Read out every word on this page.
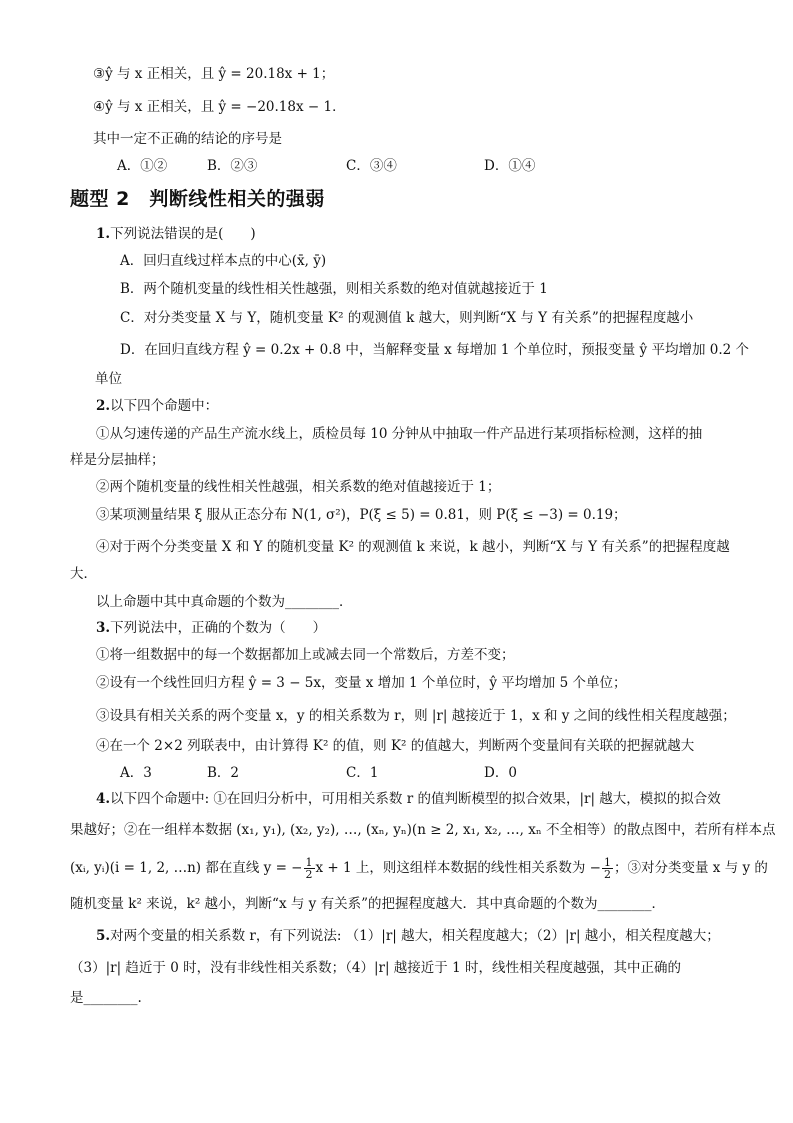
③ŷ 与 x 正相关，且 ŷ = 20.18x + 1；
④ŷ 与 x 正相关，且 ŷ = −20.18x − 1．
其中一定不正确的结论的序号是
A．①②	B．②③	C．③④	D．①④
题型 2　判断线性相关的强弱
1.下列说法错误的是(　　)
A．回归直线过样本点的中心(x̄, ȳ)
B．两个随机变量的线性相关性越强，则相关系数的绝对值就越接近于 1
C．对分类变量 X 与 Y，随机变量 K² 的观测值 k 越大，则判断“X 与 Y 有关系”的把握程度越小
D．在回归直线方程 ŷ = 0.2x + 0.8 中，当解释变量 x 每增加 1 个单位时，预报变量 ŷ 平均增加 0.2 个
单位
2.以下四个命题中：
①从匀速传递的产品生产流水线上，质检员每 10 分钟从中抽取一件产品进行某项指标检测，这样的抽
样是分层抽样；
②两个随机变量的线性相关性越强，相关系数的绝对值越接近于 1；
③某项测量结果 ξ 服从正态分布 N(1, σ²)，P(ξ ≤ 5) = 0.81，则 P(ξ ≤ −3) = 0.19；
④对于两个分类变量 X 和 Y 的随机变量 K² 的观测值 k 来说，k 越小，判断“X 与 Y 有关系”的把握程度越
大．
以上命题中其中真命题的个数为________．
3.下列说法中，正确的个数为（　　）
①将一组数据中的每一个数据都加上或减去同一个常数后，方差不变；
②设有一个线性回归方程 ŷ = 3 − 5x，变量 x 增加 1 个单位时，ŷ 平均增加 5 个单位；
③设具有相关关系的两个变量 x，y 的相关系数为 r，则 |r| 越接近于 1，x 和 y 之间的线性相关程度越强；
④在一个 2×2 列联表中，由计算得 K² 的值，则 K² 的值越大，判断两个变量间有关联的把握就越大
A．3	B．2	C．1	D．0
4.以下四个命题中: ①在回归分析中，可用相关系数 r 的值判断模型的拟合效果，|r| 越大，模拟的拟合效
果越好；②在一组样本数据 (x₁, y₁), (x₂, y₂), …, (xₙ, yₙ)(n ≥ 2, x₁, x₂, …, xₙ 不全相等）的散点图中，若所有样本点
(xᵢ, yᵢ)(i = 1, 2, …n) 都在直线 y = − $\frac{1}{2}$ x + 1 上，则这组样本数据的线性相关系数为 − $\frac{1}{2}$ ；③对分类变量 x 与 y 的
随机变量 k² 来说，k² 越小，判断“x 与 y 有关系”的把握程度越大．其中真命题的个数为________．
5.对两个变量的相关系数 r，有下列说法: （1）|r| 越大，相关程度越大；（2）|r| 越小，相关程度越大；
（3）|r| 趋近于 0 时，没有非线性相关系数；（4）|r| 越接近于 1 时，线性相关程度越强，其中正确的
是________.
